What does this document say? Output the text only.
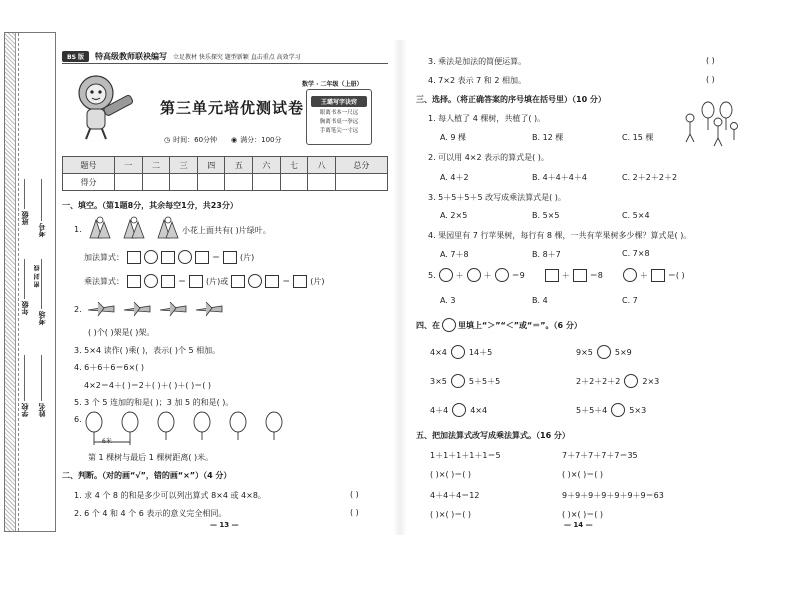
班级
考号
年级
考场
密 封 线
学校 姓名
BS 版	特高级教师联袂编写 立足教材 快乐探究 题型新颖 直击重点 高效学习
第三单元培优测试卷
◷ 时间：60分钟 ◉ 满分：100分
数学 · 二年级（上册）
王璐写字诀窍
眼离书本一尺远
胸离书桌一拳远
手离笔尖一寸远
题号	一	二	三	四	五	六	七	八	总分
得分									
一、填空。（第1题8分，其余每空1分，共23分）
1.	小花上面共有( )片绿叶。
加法算式：	＝	(片)
乘法算式：	＝	(片)或	＝	(片)
2.
( )个( )架是( )架。
3. 5×4 读作( )乘( )，表示( )个 5 相加。
4. 6＋6＋6＝6×( )
4×2＝4＋( )＝2＋( )＋( )＋( )＝( )
5. 3 个 5 连加的和是( )；3 加 5 的和是( )。
6.
6米
第 1 棵树与最后 1 棵树距离( )米。
二、判断。（对的画“√”，错的画“×”）（4 分）
1. 求 4 个 8 的和是多少可以列出算式 8×4 或 4×8。	( )
2. 6 个 4 和 4 个 6 表示的意义完全相同。	( )
— 13 —
3. 乘法是加法的简便运算。	( )
4. 7×2 表示 7 和 2 相加。	( )
三、选择。（将正确答案的序号填在括号里）（10 分）
1. 每人植了 4 棵树，共植了( )。
A. 9 棵	B. 12 棵	C. 15 棵
2. 可以用 4×2 表示的算式是( )。
A. 4＋2	B. 4＋4＋4＋4	C. 2＋2＋2＋2
3. 5＋5＋5＋5 改写成乘法算式是( )。
A. 2×5	B. 5×5	C. 5×4
4. 果园里有 7 行苹果树，每行有 8 棵，一共有苹果树多少棵？算式是( )。
A. 7＋8	B. 8＋7	C. 7×8
5.	＋	＋	＝9	＋	＝8	＋	＝( )
A. 3	B. 4	C. 7
四、在 里填上“＞”“＜”或“＝”。（6 分）
4×4	14＋5	9×5	5×9
3×5	5＋5＋5	2＋2＋2＋2	2×3
4＋4	4×4	5＋5＋4	5×3
五、把加法算式改写成乘法算式。（16 分）
1＋1＋1＋1＋1＝5	7＋7＋7＋7＋7＝35
( )×( )＝( )	( )×( )＝( )
4＋4＋4＝12	9＋9＋9＋9＋9＋9＋9＝63
( )×( )＝( )	( )×( )＝( )
— 14 —
